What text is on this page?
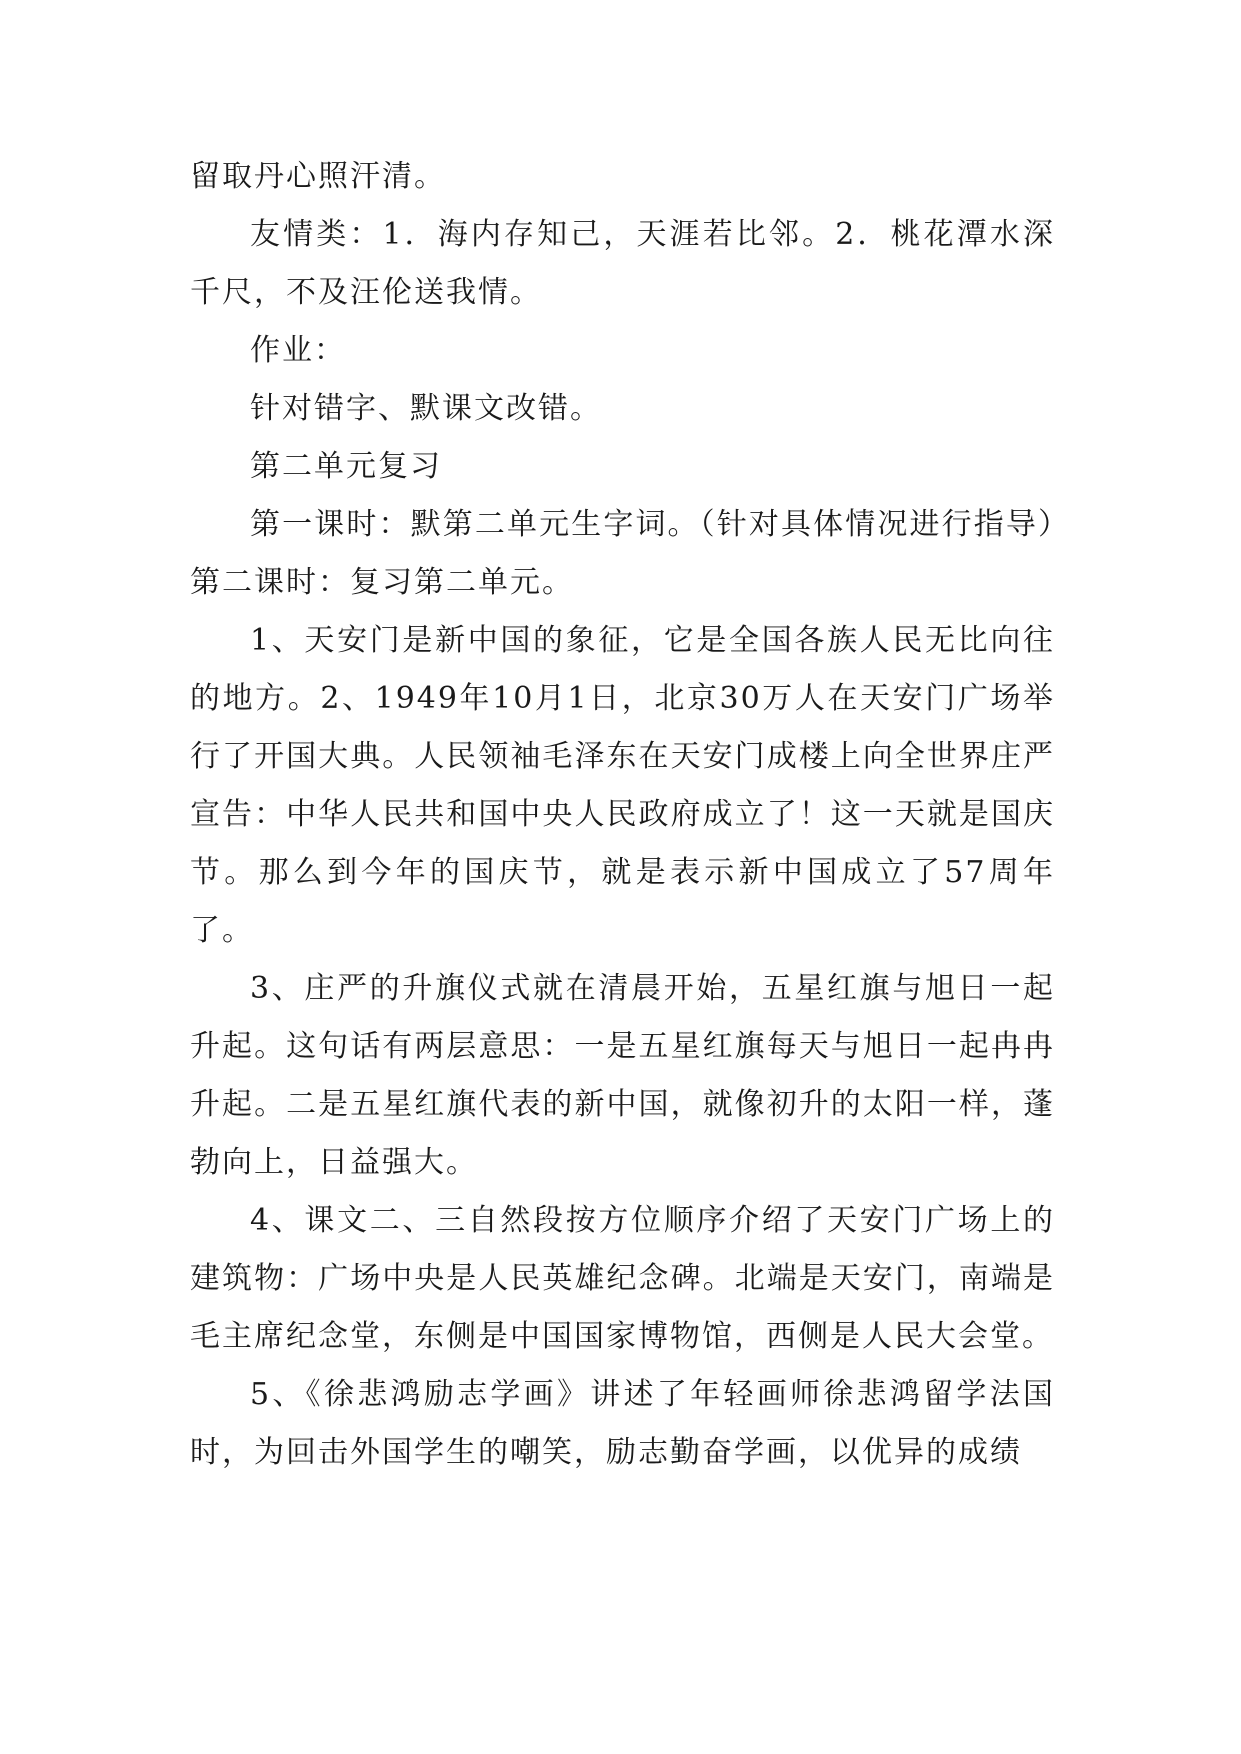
留取丹心照汗清。

友情类：1．海内存知己，天涯若比邻。2．桃花潭水深千尺，不及汪伦送我情。

作业：

针对错字、默课文改错。

第二单元复习

第一课时：默第二单元生字词。（针对具体情况进行指导）第二课时：复习第二单元。

1、天安门是新中国的象征，它是全国各族人民无比向往的地方。2、1949年10月1日，北京30万人在天安门广场举行了开国大典。人民领袖毛泽东在天安门成楼上向全世界庄严宣告：中华人民共和国中央人民政府成立了！这一天就是国庆节。那么到今年的国庆节，就是表示新中国成立了57周年了。

3、庄严的升旗仪式就在清晨开始，五星红旗与旭日一起升起。这句话有两层意思：一是五星红旗每天与旭日一起冉冉升起。二是五星红旗代表的新中国，就像初升的太阳一样，蓬勃向上，日益强大。

4、课文二、三自然段按方位顺序介绍了天安门广场上的建筑物：广场中央是人民英雄纪念碑。北端是天安门，南端是毛主席纪念堂，东侧是中国国家博物馆，西侧是人民大会堂。

5、《徐悲鸿励志学画》讲述了年轻画师徐悲鸿留学法国时，为回击外国学生的嘲笑，励志勤奋学画，以优异的成绩
